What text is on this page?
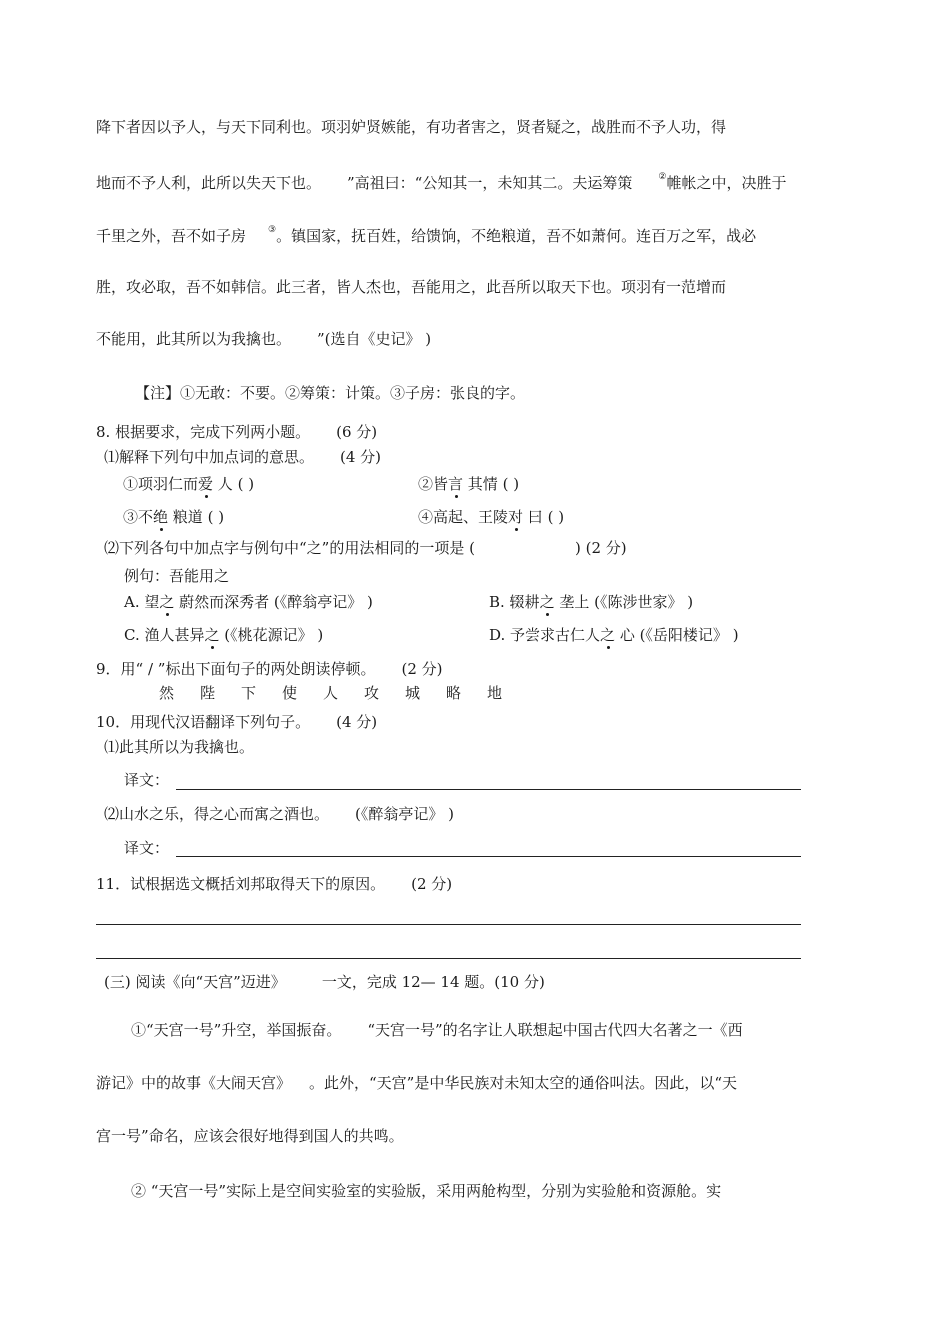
降下者因以予人，与天下同利也。项羽妒贤嫉能，有功者害之，贤者疑之，战胜而不予人功，得
地而不予人利，此所以失天下也。 ”高祖曰：“公知其一，未知其二。夫运筹策	②帷帐之中，决胜于
千里之外，吾不如子房 ③。镇国家，抚百姓，给馈饷，不绝粮道，吾不如萧何。连百万之军，战必
胜，攻必取，吾不如韩信。此三者，皆人杰也，吾能用之，此吾所以取天下也。项羽有一范增而
不能用，此其所以为我擒也。 ”(选自《史记》 )
【注】①无敢：不要。②筹策：计策。③子房：张良的字。
8. 根据要求，完成下列两小题。 (6 分)
⑴解释下列句中加点词的意思。 (4 分)
①项羽仁而爱 人 ( )	②皆言 其情 ( )
③不绝 粮道 ( )	④高起、王陵对 曰 ( )
⑵下列各句中加点字与例句中“之”的用法相同的一项是 (	) (2 分)
例句：吾能用之
A. 望之 蔚然而深秀者 (《醉翁亭记》 )	B. 辍耕之 垄上 (《陈涉世家》 )
C. 渔人甚异之 (《桃花源记》 )	D. 予尝求古仁人之 心 (《岳阳楼记》 )
9．用“ / ”标出下面句子的两处朗读停顿。 (2 分)
然 陛 下 使 人 攻 城 略 地
10．用现代汉语翻译下列句子。 (4 分)
⑴此其所以为我擒也。
译文：
⑵山水之乐，得之心而寓之酒也。 (《醉翁亭记》 )
译文：
11．试根据选文概括刘邦取得天下的原因。 (2 分)
(三) 阅读《向“天宫”迈进》 一文，完成 12— 14 题。(10 分)
①“天宫一号”升空，举国振奋。 “天宫一号”的名字让人联想起中国古代四大名著之一《西
游记》中的故事《大闹天宫》 。此外，“天宫”是中华民族对未知太空的通俗叫法。因此，以“天
宫一号”命名，应该会很好地得到国人的共鸣。
② “天宫一号”实际上是空间实验室的实验版，采用两舱构型，分别为实验舱和资源舱。实
